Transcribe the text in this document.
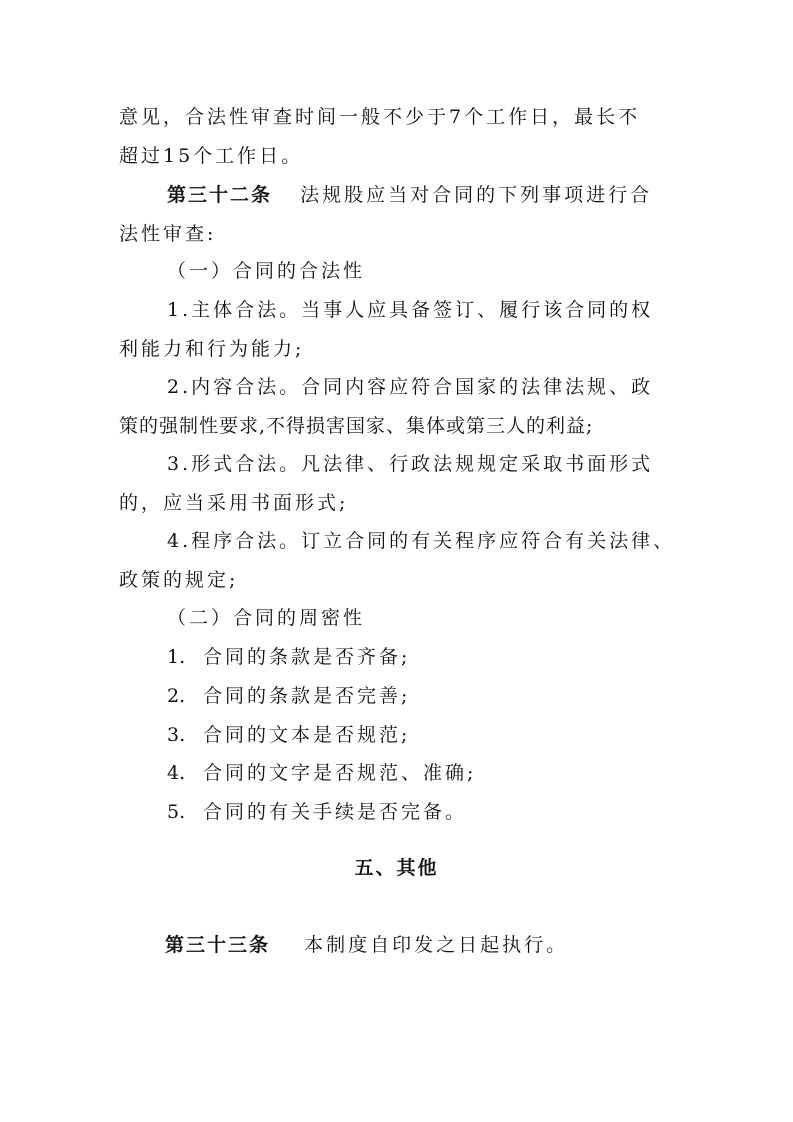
意见，合法性审查时间一般不少于7个工作日，最长不
超过15个工作日。
第三十二条 法规股应当对合同的下列事项进行合
法性审查:
（一）合同的合法性
1.主体合法。当事人应具备签订、履行该合同的权
利能力和行为能力;
2.内容合法。合同内容应符合国家的法律法规、政
策的强制性要求,不得损害国家、集体或第三人的利益;
3.形式合法。凡法律、行政法规规定采取书面形式
的，应当采用书面形式;
4.程序合法。订立合同的有关程序应符合有关法律、
政策的规定;
（二）合同的周密性
1. 合同的条款是否齐备;
2. 合同的条款是否完善;
3. 合同的文本是否规范;
4. 合同的文字是否规范、准确;
5. 合同的有关手续是否完备。
五、其他
第三十三条 本制度自印发之日起执行。
